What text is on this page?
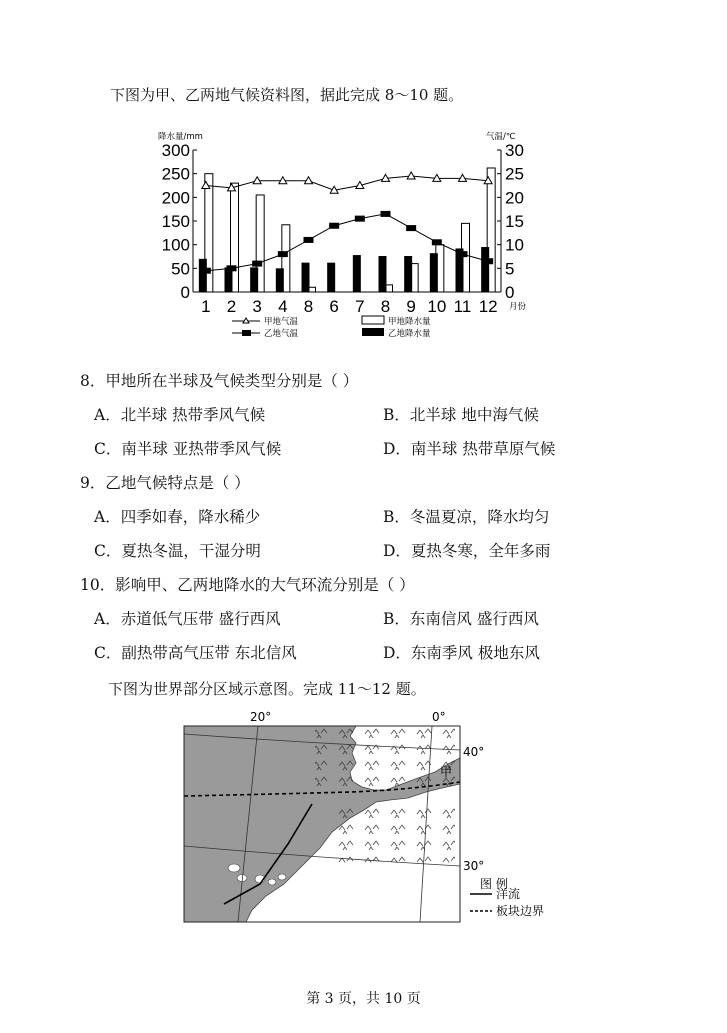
下图为甲、乙两地气候资料图，据此完成 8～10 题。
降水量/mm	气温/℃
0
50
100
150
200
250
300
0
5
10
15
20
25
30
1 2 3 4 8 6 7 8 9 10 11 12 月份
甲地气温
乙地气温
甲地降水量
乙地降水量
8．甲地所在半球及气候类型分别是（ ）
A．北半球 热带季风气候	B．北半球 地中海气候
C．南半球 亚热带季风气候	D．南半球 热带草原气候
9．乙地气候特点是（ ）
A．四季如春，降水稀少	B．冬温夏凉，降水均匀
C．夏热冬温，干湿分明	D．夏热冬寒，全年多雨
10．影响甲、乙两地降水的大气环流分别是（ ）
A．赤道低气压带 盛行西风	B．东南信风 盛行西风
C．副热带高气压带 东北信风	D．东南季风 极地东风
下图为世界部分区域示意图。完成 11～12 题。
20°	0°
40°
30°
甲
图 例
洋流
板块边界
第 3 页，共 10 页
